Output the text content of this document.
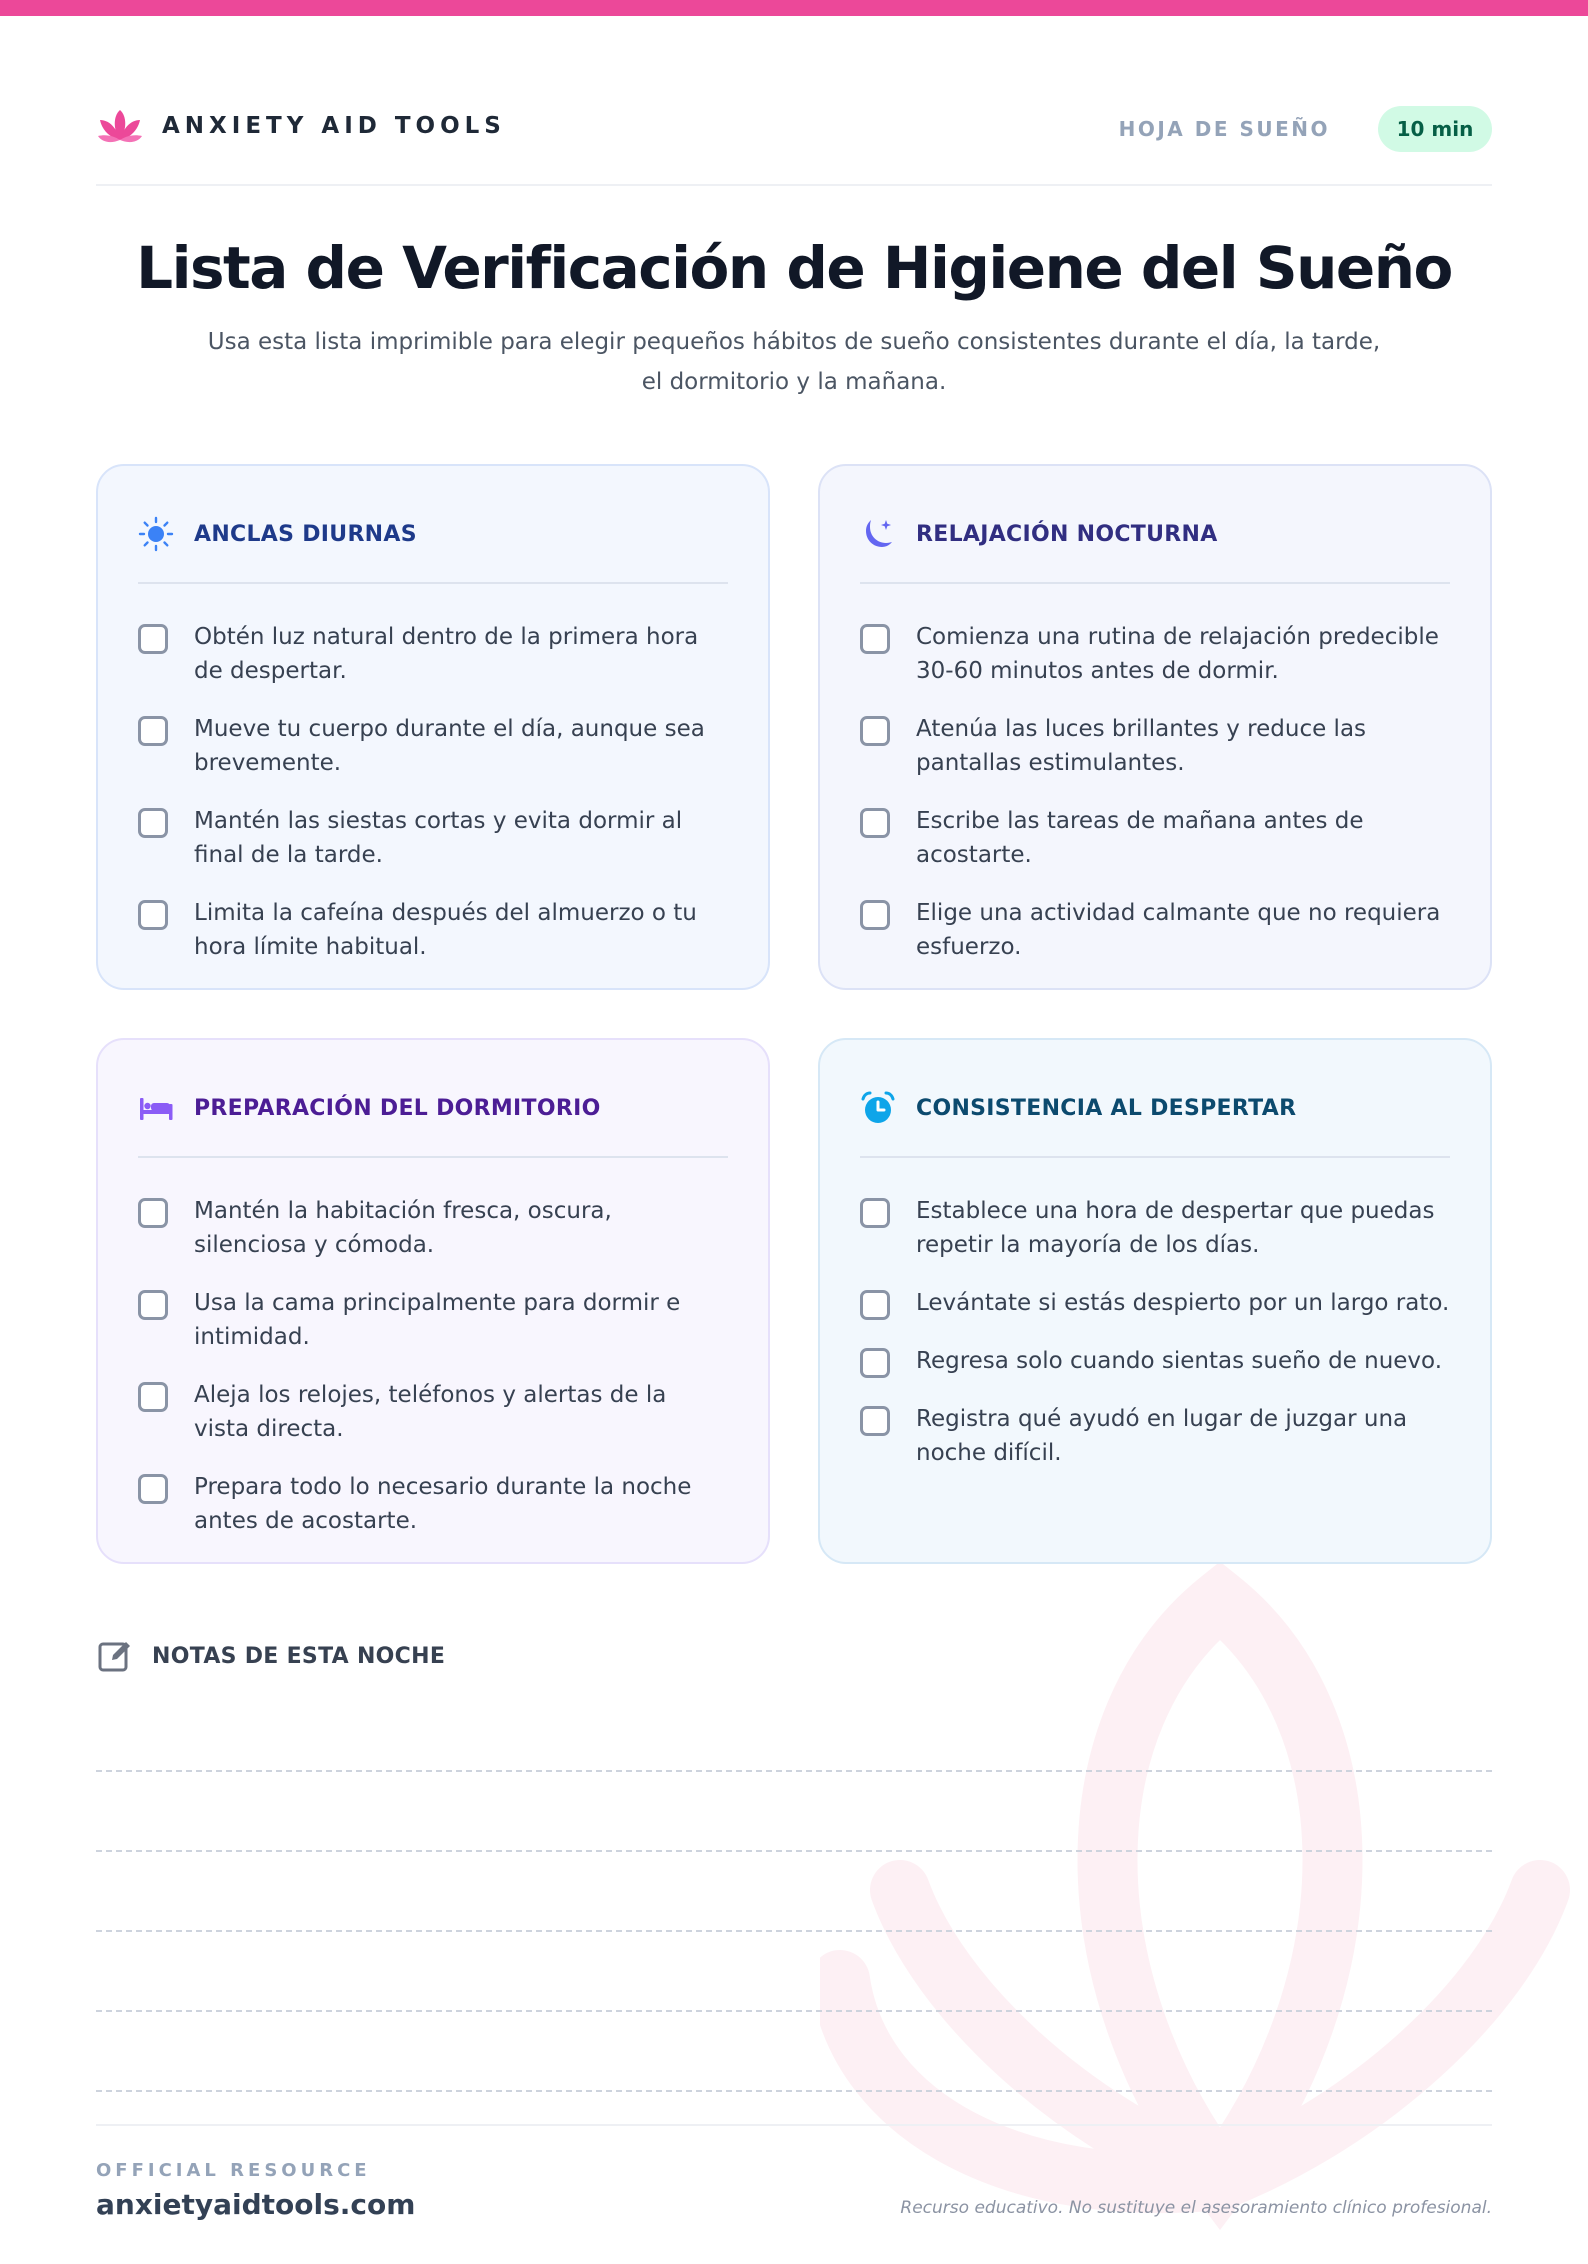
ANXIETY AID TOOLS	HOJA DE SUEÑO	10 min
Lista de Verificación de Higiene del Sueño

Usa esta lista imprimible para elegir pequeños hábitos de sueño consistentes durante el día, la tarde, el dormitorio y la mañana.

ANCLAS DIURNAS
Obtén luz natural dentro de la primera hora de despertar.
Mueve tu cuerpo durante el día, aunque sea brevemente.
Mantén las siestas cortas y evita dormir al final de la tarde.
Limita la cafeína después del almuerzo o tu hora límite habitual.
RELAJACIÓN NOCTURNA
Comienza una rutina de relajación predecible 30-60 minutos antes de dormir.
Atenúa las luces brillantes y reduce las pantallas estimulantes.
Escribe las tareas de mañana antes de acostarte.
Elige una actividad calmante que no requiera esfuerzo.
PREPARACIÓN DEL DORMITORIO
Mantén la habitación fresca, oscura, silenciosa y cómoda.
Usa la cama principalmente para dormir e intimidad.
Aleja los relojes, teléfonos y alertas de la vista directa.
Prepara todo lo necesario durante la noche antes de acostarte.
CONSISTENCIA AL DESPERTAR
Establece una hora de despertar que puedas repetir la mayoría de los días.
Levántate si estás despierto por un largo rato.
Regresa solo cuando sientas sueño de nuevo.
Registra qué ayudó en lugar de juzgar una noche difícil.
NOTAS DE ESTA NOCHE
OFFICIAL RESOURCE
anxietyaidtools.com	Recurso educativo. No sustituye el asesoramiento clínico profesional.
